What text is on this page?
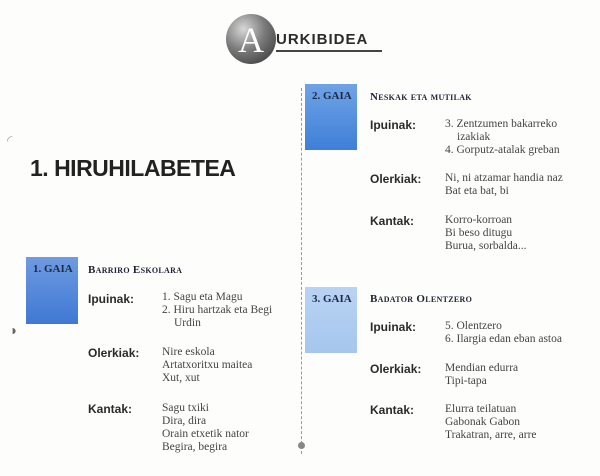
A URKIBIDEA
◜
◗
1. HIRUHILABETEA
1. GAIA Barriro Eskolara
Ipuinak: 1. Sagu eta Magu
2. Hiru hartzak eta Begi
Urdin
Olerkiak: Nire eskola
Artatxoritxu maitea
Xut, xut
Kantak:	Sagu txiki
Dira, dira
Orain etxetik nator
Begira, begira
2. GAIA Neskak eta mutilak
Ipuinak:	3. Zentzumen bakarreko
izakiak
4. Gorputz-atalak greban
Olerkiak: Ni, ni atzamar handia naz
Bat eta bat, bi
Kantak:	Korro-korroan
Bi beso ditugu
Burua, sorbalda...
3. GAIA Badator Olentzero
Ipuinak:	5. Olentzero
6. Ilargia edan eban astoa
Olerkiak: Mendian edurra
Tipi-tapa
Kantak:	Elurra teilatuan
Gabonak Gabon
Trakatran, arre, arre
